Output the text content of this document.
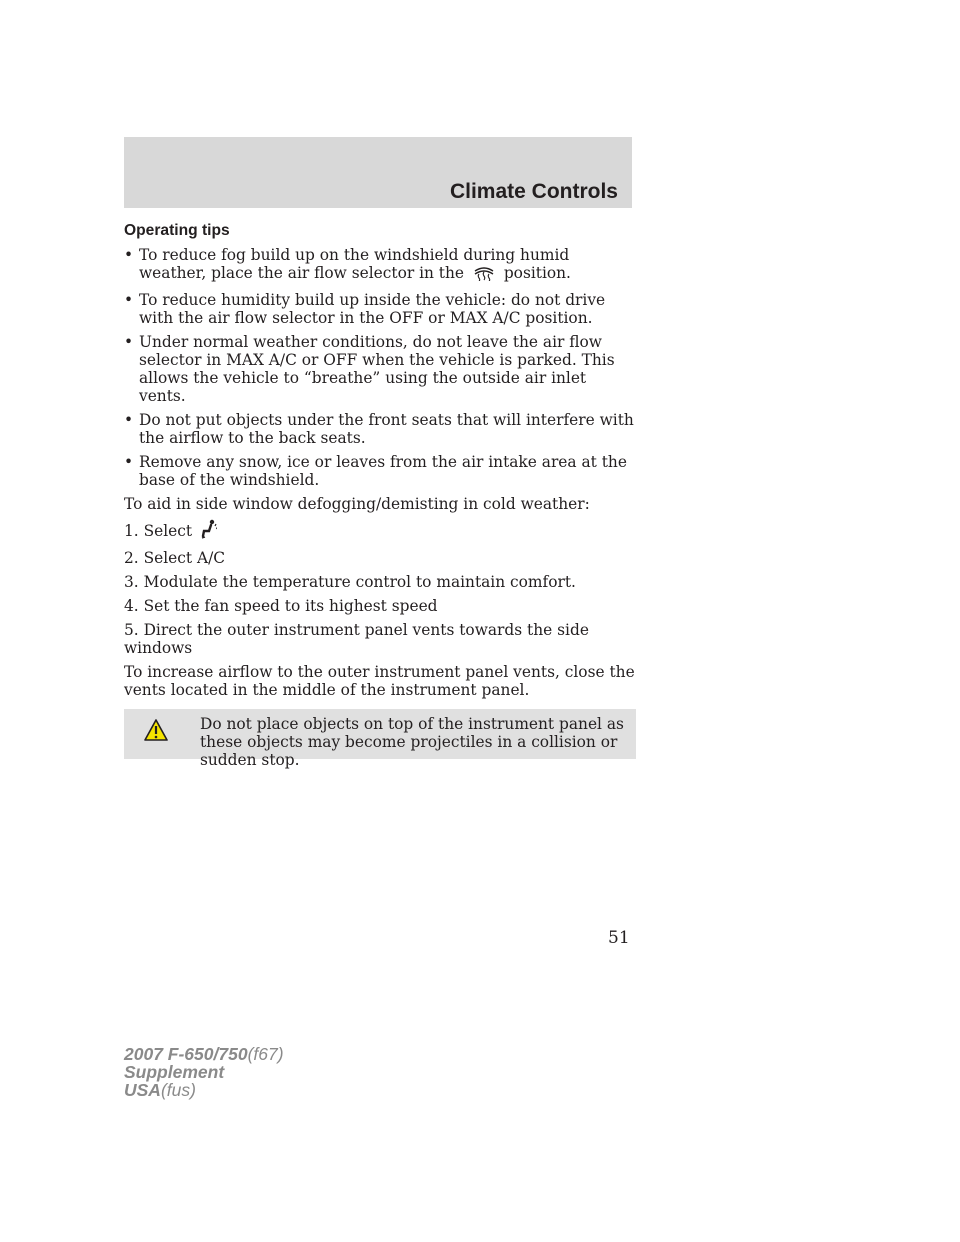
Climate Controls
Operating tips
• To reduce fog build up on the windshield during humid weather, place the air flow selector in the	position.
• To reduce humidity build up inside the vehicle: do not drive with the air flow selector in the OFF or MAX A/C position.
• Under normal weather conditions, do not leave the air flow selector in MAX A/C or OFF when the vehicle is parked. This allows the vehicle to “breathe” using the outside air inlet vents.
• Do not put objects under the front seats that will interfere with the airflow to the back seats.
• Remove any snow, ice or leaves from the air intake area at the base of the windshield.
To aid in side window defogging/demisting in cold weather:
1. Select
2. Select A/C
3. Modulate the temperature control to maintain comfort.
4. Set the fan speed to its highest speed
5. Direct the outer instrument panel vents towards the side windows
To increase airflow to the outer instrument panel vents, close the vents located in the middle of the instrument panel.
Do not place objects on top of the instrument panel as these objects may become projectiles in a collision or sudden stop.
51
2007 F-650/750(f67)
Supplement
USA(fus)
